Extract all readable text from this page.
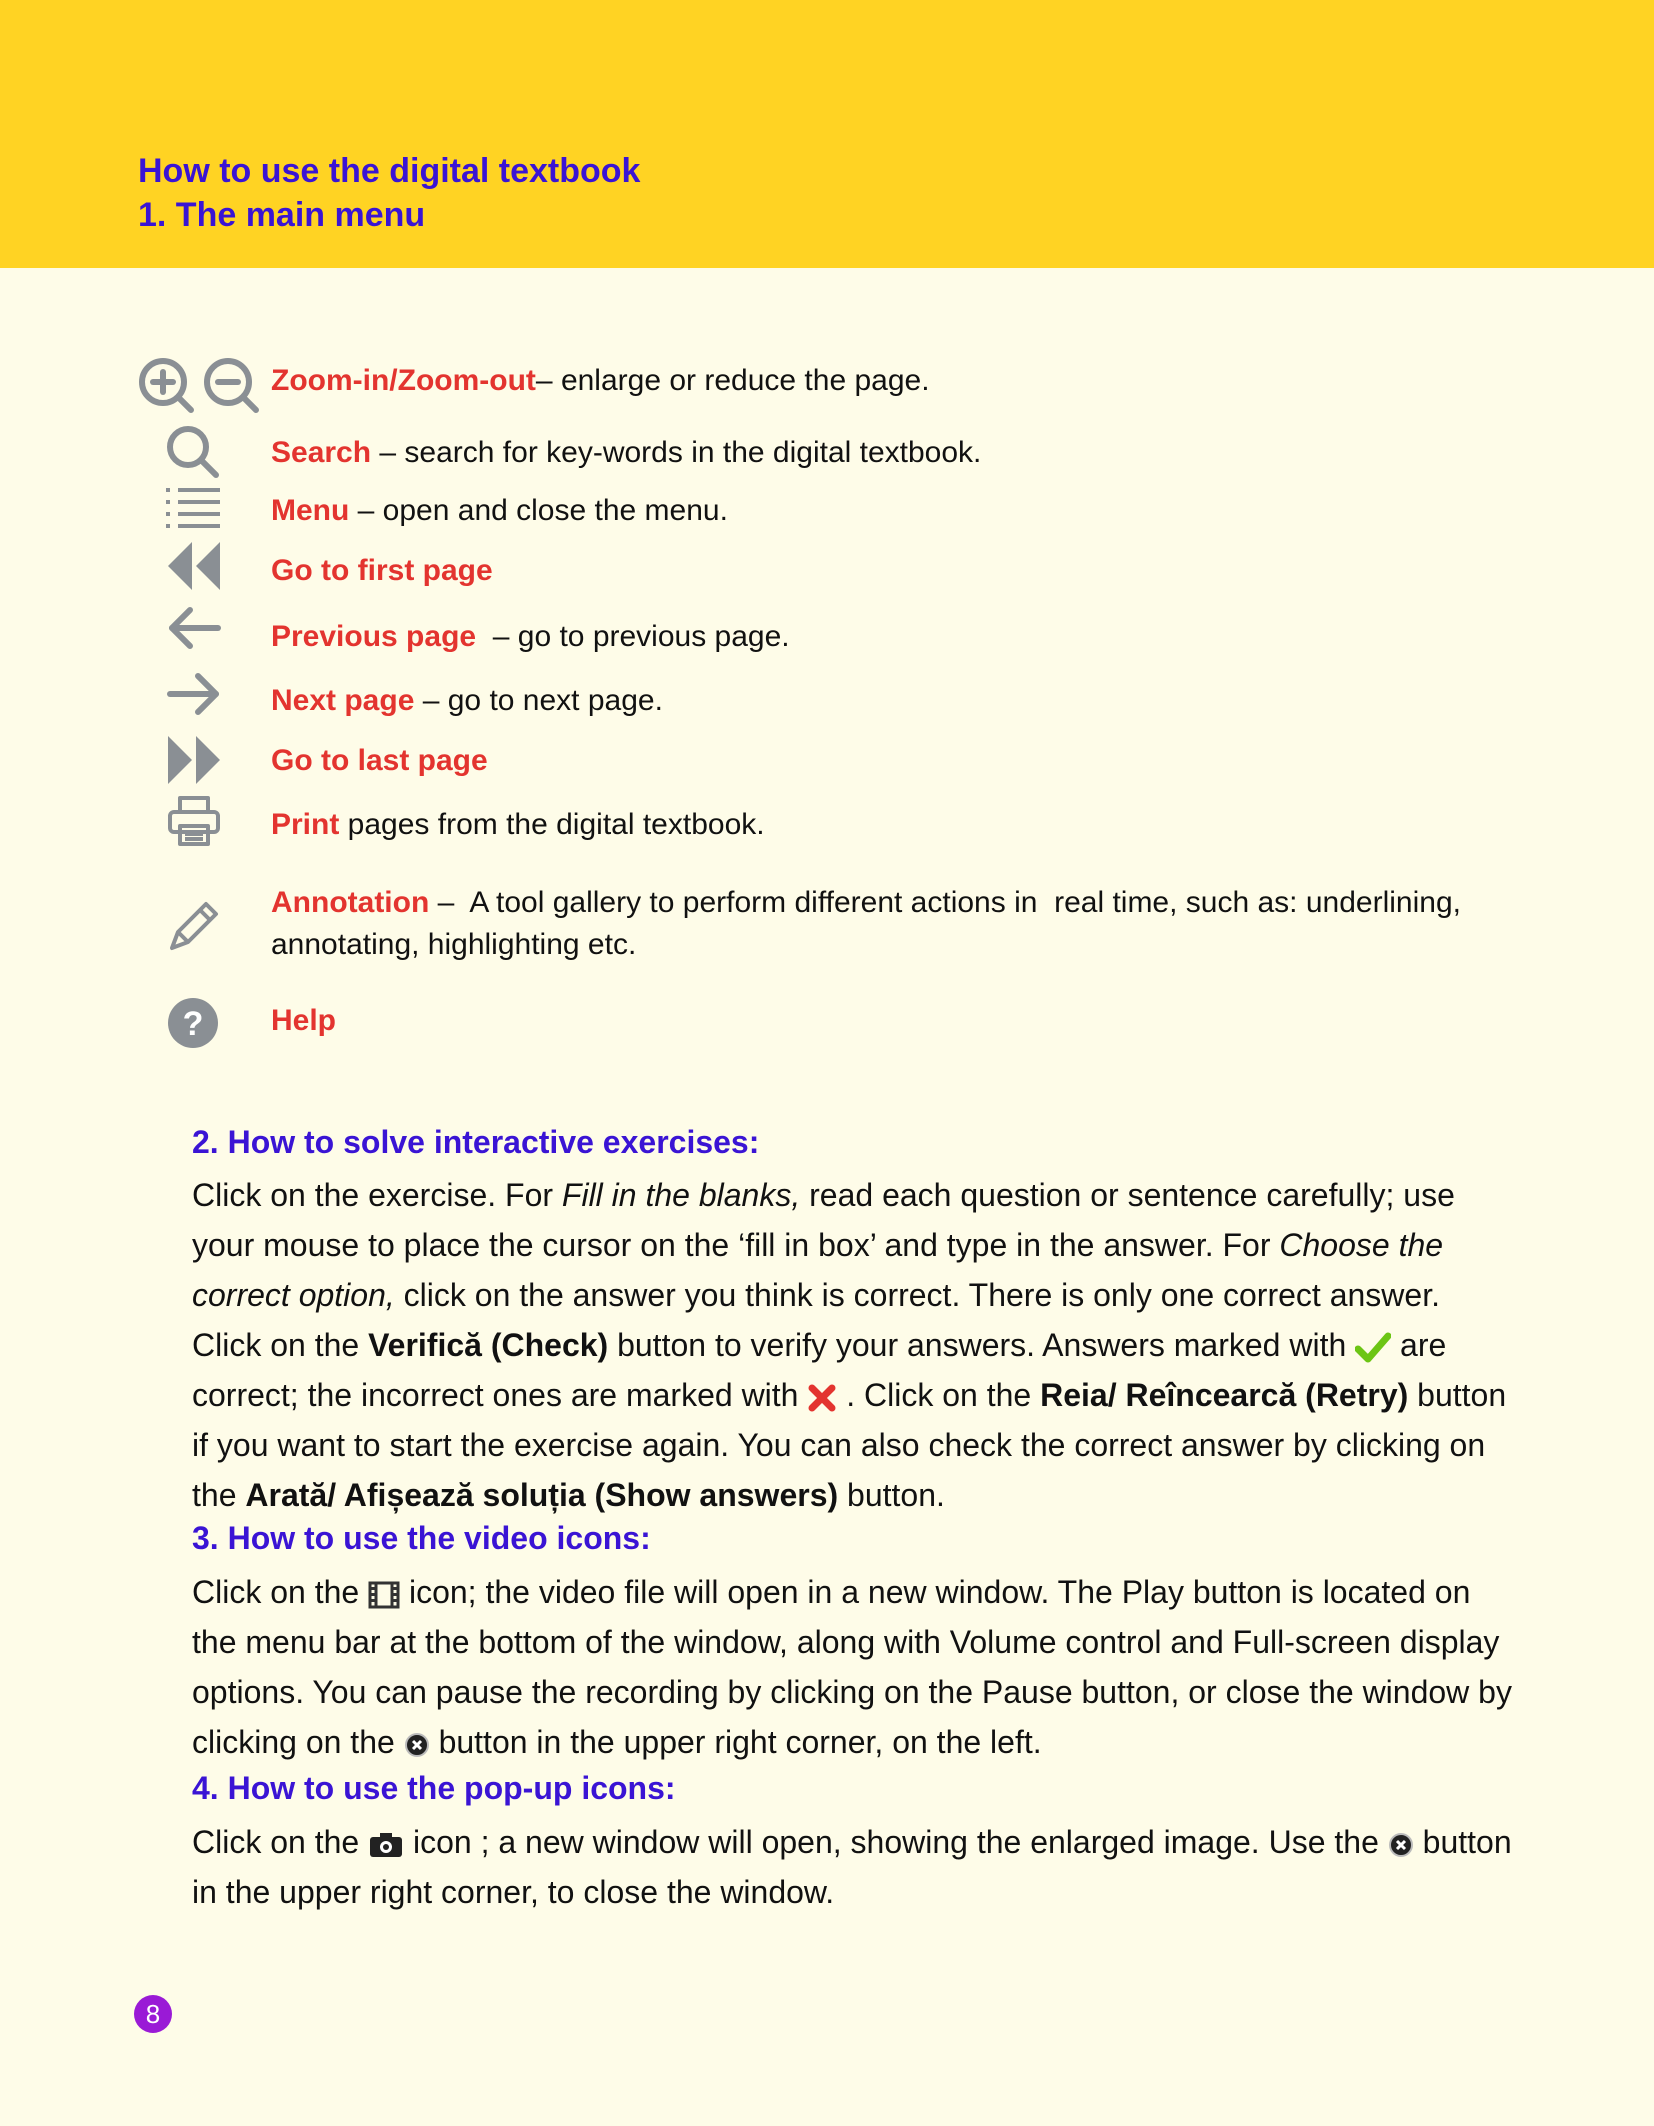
How to use the digital textbook
1. The main menu
Zoom-in/Zoom-out– enlarge or reduce the page.
Search – search for key-words in the digital textbook.
Menu – open and close the menu.
Go to first page
Previous page  – go to previous page.
Next page – go to next page.
Go to last page
Print pages from the digital textbook.
Annotation –  A tool gallery to perform different actions in  real time, such as: underlining, annotating, highlighting etc.
? Help
2. How to solve interactive exercises:
Click on the exercise. For Fill in the blanks, read each question or sentence carefully; use your mouse to place the cursor on the ‘fill in box’ and type in the answer. For Choose the correct option, click on the answer you think is correct. There is only one correct answer. Click on the Verifică (Check) button to verify your answers. Answers marked with  are correct; the incorrect ones are marked with  . Click on the Reia/ Reîncearcă (Retry) button if you want to start the exercise again. You can also check the correct answer by clicking on the Arată/ Afișează soluția (Show answers) button.
3. How to use the video icons:
Click on the  icon; the video file will open in a new window. The Play button is located on the menu bar at the bottom of the window, along with Volume control and Full-screen display options. You can pause the recording by clicking on the Pause button, or close the window by clicking on the  button in the upper right corner, on the left.
4. How to use the pop-up icons:
Click on the  icon ; a new window will open, showing the enlarged image. Use the  button in the upper right corner, to close the window.
8
